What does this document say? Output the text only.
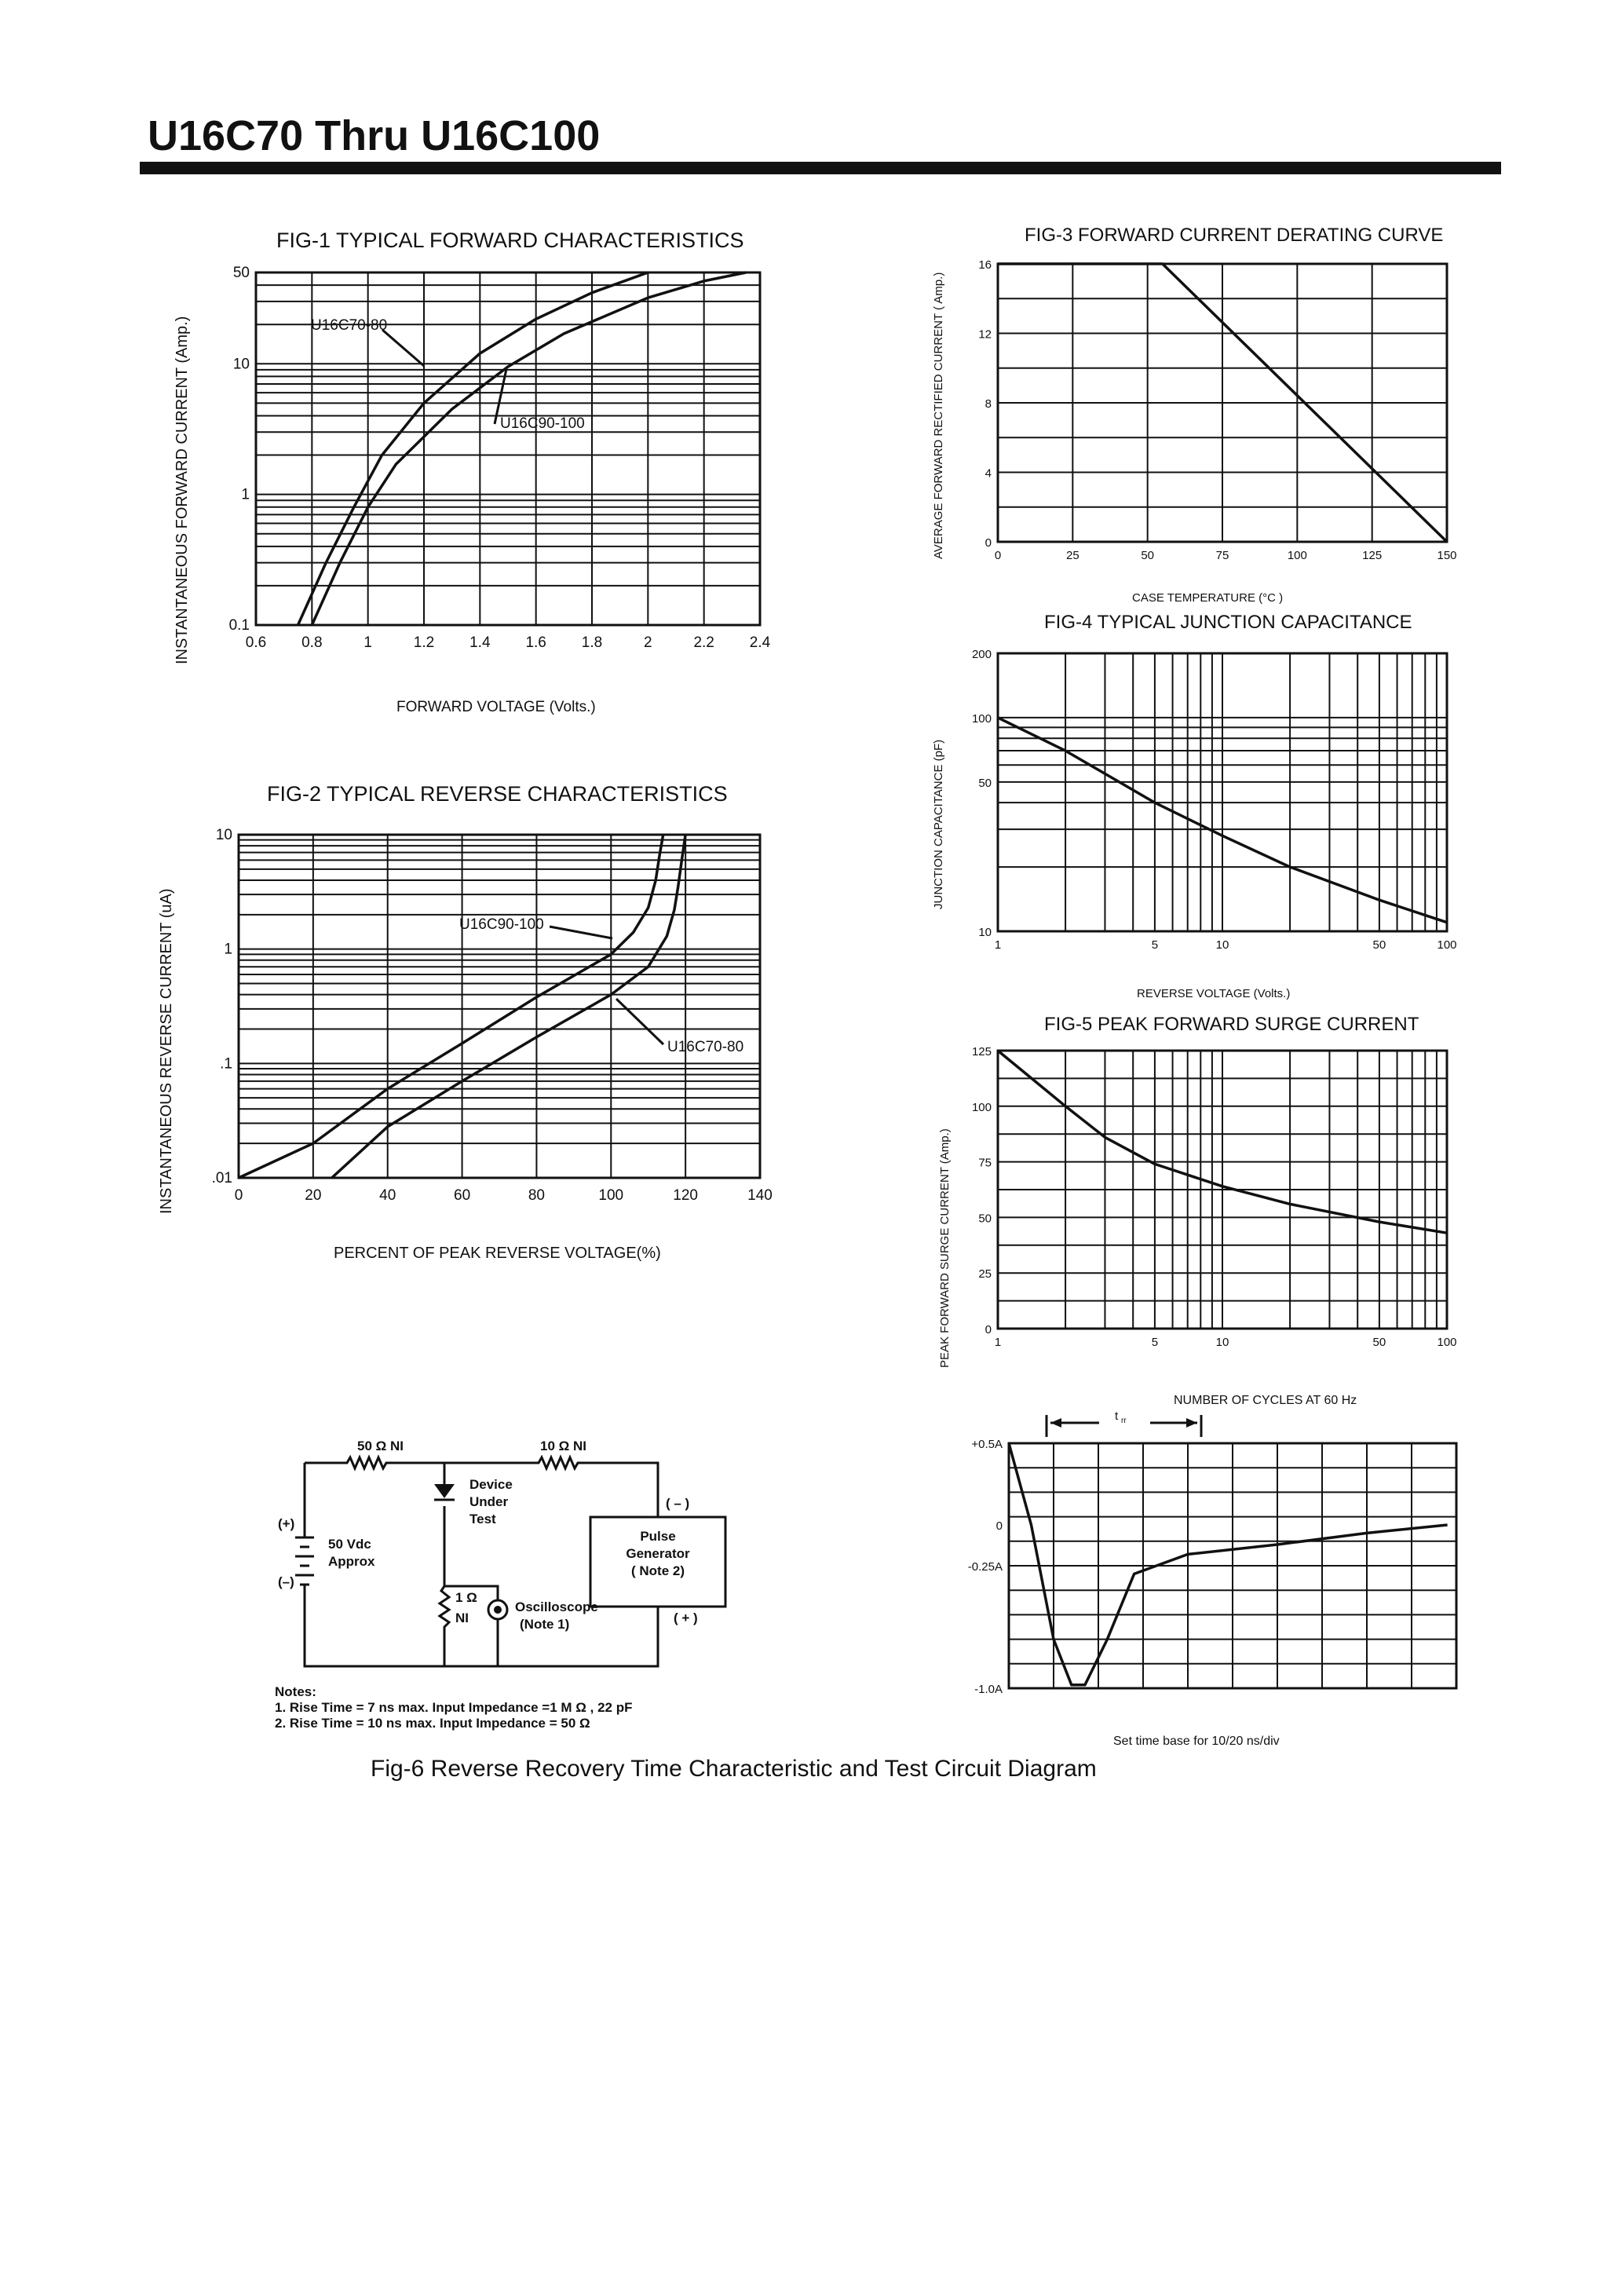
U16C70 Thru U16C100
FIG-1 TYPICAL FORWARD CHARACTERISTICS
0.6 0.8	1	1.2 1.4 1.6 1.8	2	2.2 2.4
50
10
1
0.1
FORWARD VOLTAGE (Volts.)
INSTANTANEOUS FORWARD CURRENT (Amp.)	U16C70-80
U16C90-100
FIG-2 TYPICAL REVERSE CHARACTERISTICS
0	20	40	60	80	100	120	140
10
1
.1
.01
PERCENT OF PEAK REVERSE VOLTAGE(%)
INSTANTANEOUS REVERSE CURRENT (uA)	U16C90-100
U16C70-80
FIG-3 FORWARD CURRENT DERATING CURVE
0	25	50	75	100	125	150
16
12
8
4
0
CASE TEMPERATURE (°C )
AVERAGE FORWARD RECTIFIED CURRENT ( Amp.)
FIG-4 TYPICAL JUNCTION CAPACITANCE
1	5	10	50	100
200
100
50
10
REVERSE VOLTAGE (Volts.)
JUNCTION CAPACITANCE (pF)
FIG-5 PEAK FORWARD SURGE CURRENT
1	5	10	50	100
125
100
75
50
25
0
NUMBER OF CYCLES AT 60 Hz
PEAK FORWARD SURGE CURRENT (Amp.)
+0.5A
0
-0.25A
-1.0A
t rr
Set time base for 10/20 ns/div
50 Ω NI	10 Ω NI
Device
Under
Test
50 Vdc
Approx
(+)
(–)
( – )
( + )
Pulse
Generator
( Note 2)
1 Ω
NI
Oscilloscope
(Note 1)
Notes:
1. Rise Time = 7 ns max. Input Impedance =1 M Ω , 22 pF
2. Rise Time = 10 ns max. Input Impedance = 50 Ω
Fig-6 Reverse Recovery Time Characteristic and Test Circuit Diagram
